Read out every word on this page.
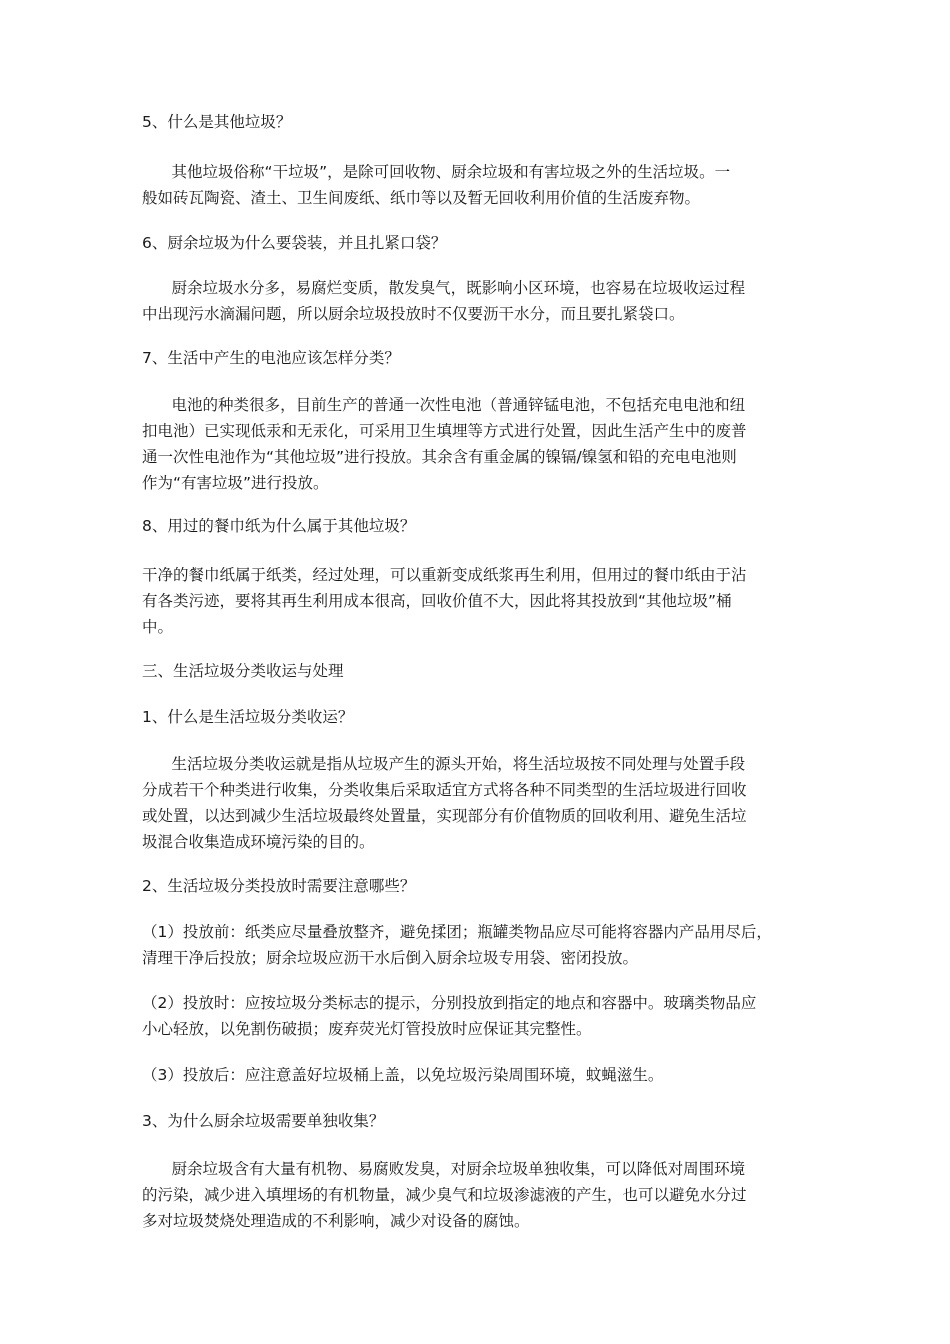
5、什么是其他垃圾？
其他垃圾俗称“干垃圾”，是除可回收物、厨余垃圾和有害垃圾之外的生活垃圾。一
般如砖瓦陶瓷、渣土、卫生间废纸、纸巾等以及暂无回收利用价值的生活废弃物。
6、厨余垃圾为什么要袋装，并且扎紧口袋？
厨余垃圾水分多，易腐烂变质，散发臭气，既影响小区环境，也容易在垃圾收运过程
中出现污水滴漏问题，所以厨余垃圾投放时不仅要沥干水分，而且要扎紧袋口。
7、生活中产生的电池应该怎样分类？
电池的种类很多，目前生产的普通一次性电池（普通锌锰电池，不包括充电电池和纽
扣电池）已实现低汞和无汞化，可采用卫生填埋等方式进行处置，因此生活产生中的废普
通一次性电池作为“其他垃圾”进行投放。其余含有重金属的镍镉/镍氢和铅的充电电池则
作为“有害垃圾”进行投放。
8、用过的餐巾纸为什么属于其他垃圾？
干净的餐巾纸属于纸类，经过处理，可以重新变成纸浆再生利用，但用过的餐巾纸由于沾
有各类污迹，要将其再生利用成本很高，回收价值不大，因此将其投放到“其他垃圾”桶
中。
三、生活垃圾分类收运与处理
1、什么是生活垃圾分类收运？
生活垃圾分类收运就是指从垃圾产生的源头开始，将生活垃圾按不同处理与处置手段
分成若干个种类进行收集，分类收集后采取适宜方式将各种不同类型的生活垃圾进行回收
或处置，以达到减少生活垃圾最终处置量，实现部分有价值物质的回收利用、避免生活垃
圾混合收集造成环境污染的目的。
2、生活垃圾分类投放时需要注意哪些？
（1）投放前：纸类应尽量叠放整齐，避免揉团；瓶罐类物品应尽可能将容器内产品用尽后，
清理干净后投放；厨余垃圾应沥干水后倒入厨余垃圾专用袋、密闭投放。
（2）投放时：应按垃圾分类标志的提示，分别投放到指定的地点和容器中。玻璃类物品应
小心轻放，以免割伤破损；废弃荧光灯管投放时应保证其完整性。
（3）投放后：应注意盖好垃圾桶上盖，以免垃圾污染周围环境，蚊蝇滋生。
3、为什么厨余垃圾需要单独收集？
厨余垃圾含有大量有机物、易腐败发臭，对厨余垃圾单独收集，可以降低对周围环境
的污染，减少进入填埋场的有机物量，减少臭气和垃圾渗滤液的产生，也可以避免水分过
多对垃圾焚烧处理造成的不利影响，减少对设备的腐蚀。
